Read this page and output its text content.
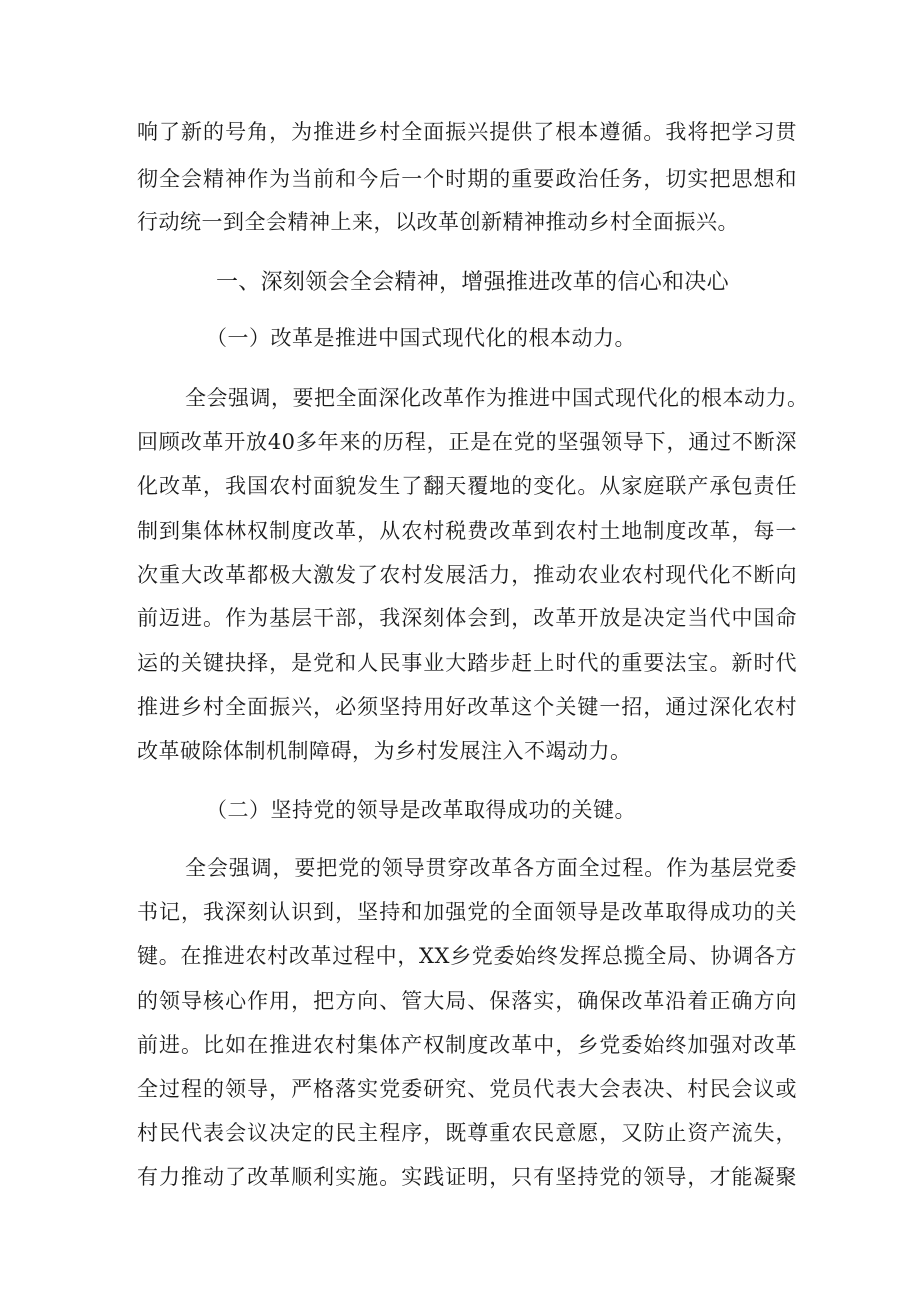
响了新的号角，为推进乡村全面振兴提供了根本遵循。我将把学习贯
彻全会精神作为当前和今后一个时期的重要政治任务，切实把思想和
行动统一到全会精神上来，以改革创新精神推动乡村全面振兴。
一、深刻领会全会精神，增强推进改革的信心和决心
（一）改革是推进中国式现代化的根本动力。
全会强调，要把全面深化改革作为推进中国式现代化的根本动力。
回顾改革开放40多年来的历程，正是在党的坚强领导下，通过不断深
化改革，我国农村面貌发生了翻天覆地的变化。从家庭联产承包责任
制到集体林权制度改革，从农村税费改革到农村土地制度改革，每一
次重大改革都极大激发了农村发展活力，推动农业农村现代化不断向
前迈进。作为基层干部，我深刻体会到，改革开放是决定当代中国命
运的关键抉择，是党和人民事业大踏步赶上时代的重要法宝。新时代
推进乡村全面振兴，必须坚持用好改革这个关键一招，通过深化农村
改革破除体制机制障碍，为乡村发展注入不竭动力。
（二）坚持党的领导是改革取得成功的关键。
全会强调，要把党的领导贯穿改革各方面全过程。作为基层党委
书记，我深刻认识到，坚持和加强党的全面领导是改革取得成功的关
键。在推进农村改革过程中，XX乡党委始终发挥总揽全局、协调各方
的领导核心作用，把方向、管大局、保落实，确保改革沿着正确方向
前进。比如在推进农村集体产权制度改革中，乡党委始终加强对改革
全过程的领导，严格落实党委研究、党员代表大会表决、村民会议或
村民代表会议决定的民主程序，既尊重农民意愿，又防止资产流失，
有力推动了改革顺利实施。实践证明，只有坚持党的领导，才能凝聚
